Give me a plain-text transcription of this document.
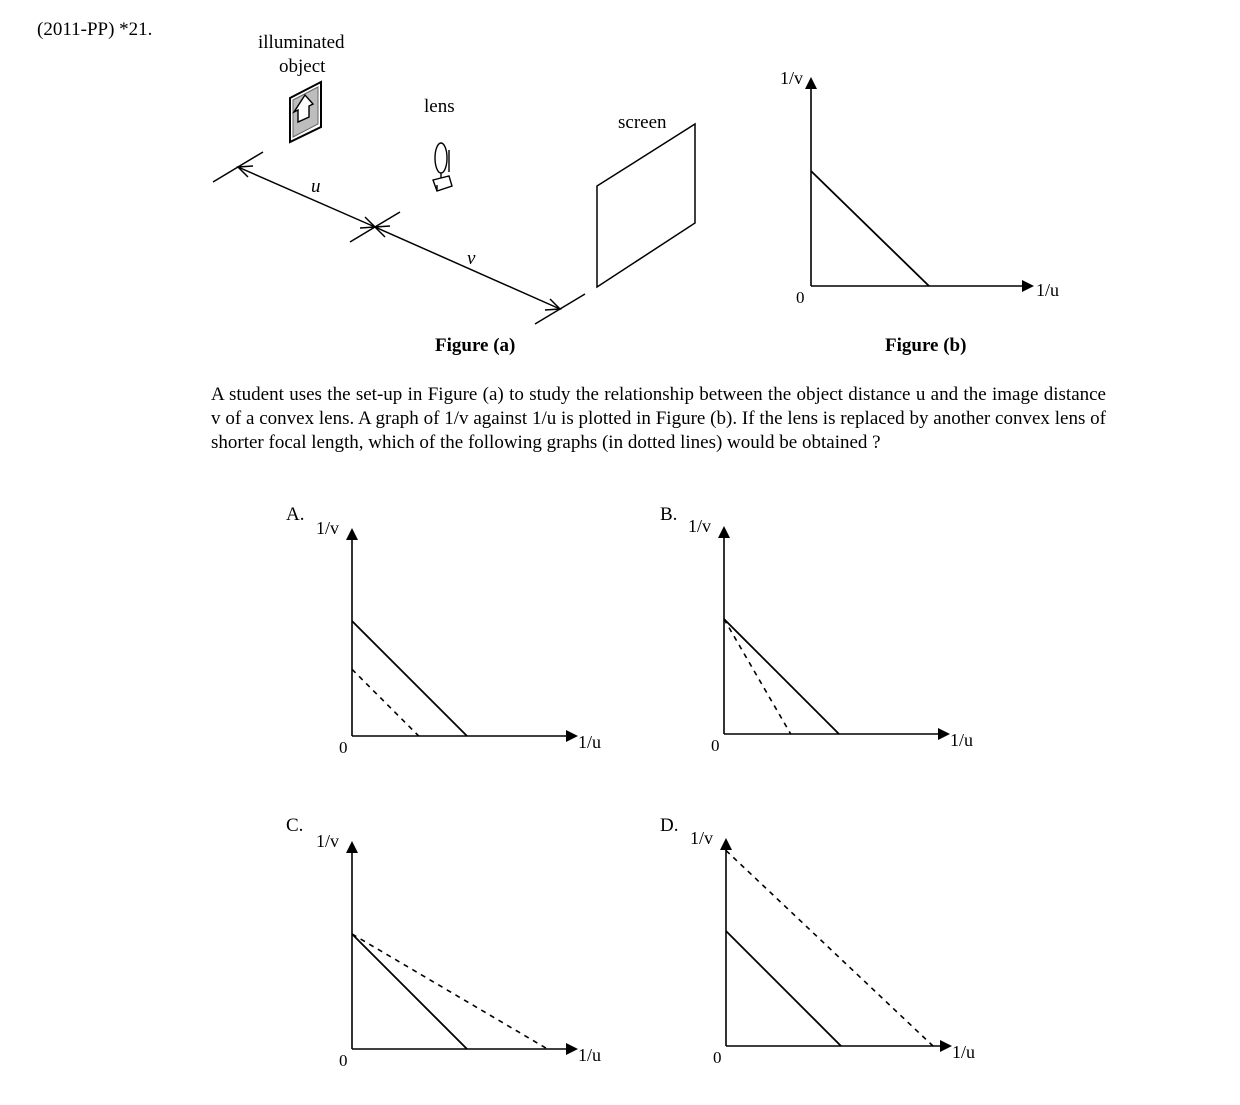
(2011-PP) *21.
illuminated
object
lens
screen
u
v
Figure (a)
1/v
1/u
0
Figure (b)
A student uses the set-up in Figure (a) to study the relationship between the object distance u and the image distance v of a convex lens. A graph of 1/v against 1/u is plotted in Figure (b). If the lens is replaced by another convex lens of shorter focal length, which of the following graphs (in dotted lines) would be obtained ?
A.
1/v
1/u
0
B.
1/v
1/u
0
C.
1/v
1/u
0
D.
1/v
1/u
0
